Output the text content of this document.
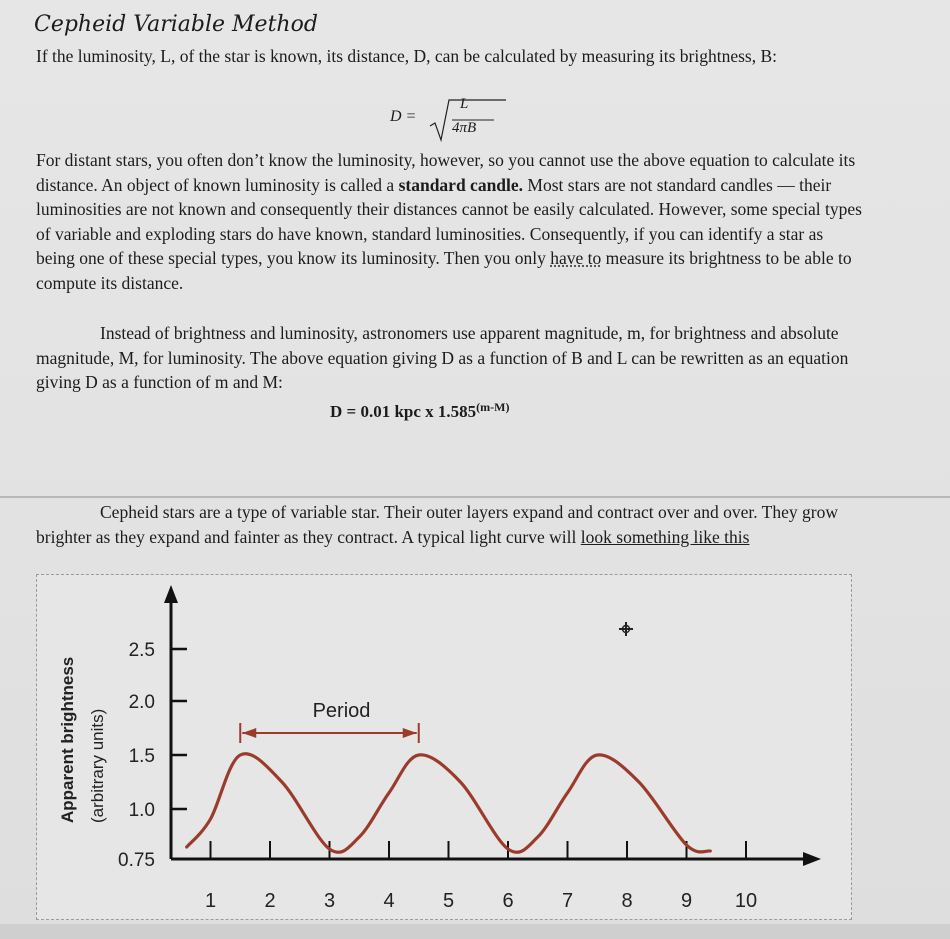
Cepheid Variable Method
If the luminosity, L, of the star is known, its distance, D, can be calculated by measuring its brightness, B:
D =
L
4πB
For distant stars, you often don’t know the luminosity, however, so you cannot use the above equation to calculate its distance. An object of known luminosity is called a standard candle. Most stars are not standard candles — their luminosities are not known and consequently their distances cannot be easily calculated. However, some special types of variable and exploding stars do have known, standard luminosities. Consequently, if you can identify a star as being one of these special types, you know its luminosity. Then you only have to measure its brightness to be able to compute its distance.
Instead of brightness and luminosity, astronomers use apparent magnitude, m, for brightness and absolute magnitude, M, for luminosity. The above equation giving D as a function of B and L can be rewritten as an equation giving D as a function of m and M:
D = 0.01 kpc x $1.585^{(m-M)}$
Cepheid stars are a type of variable star. Their outer layers expand and contract over and over. They grow brighter as they expand and fainter as they contract. A typical light curve will look something like this
Apparent brightness (arbitrary units)
0.75
1.0
1.5
2.0
2.5
1 2 3 4 5 6 7 8 9 10
Period
